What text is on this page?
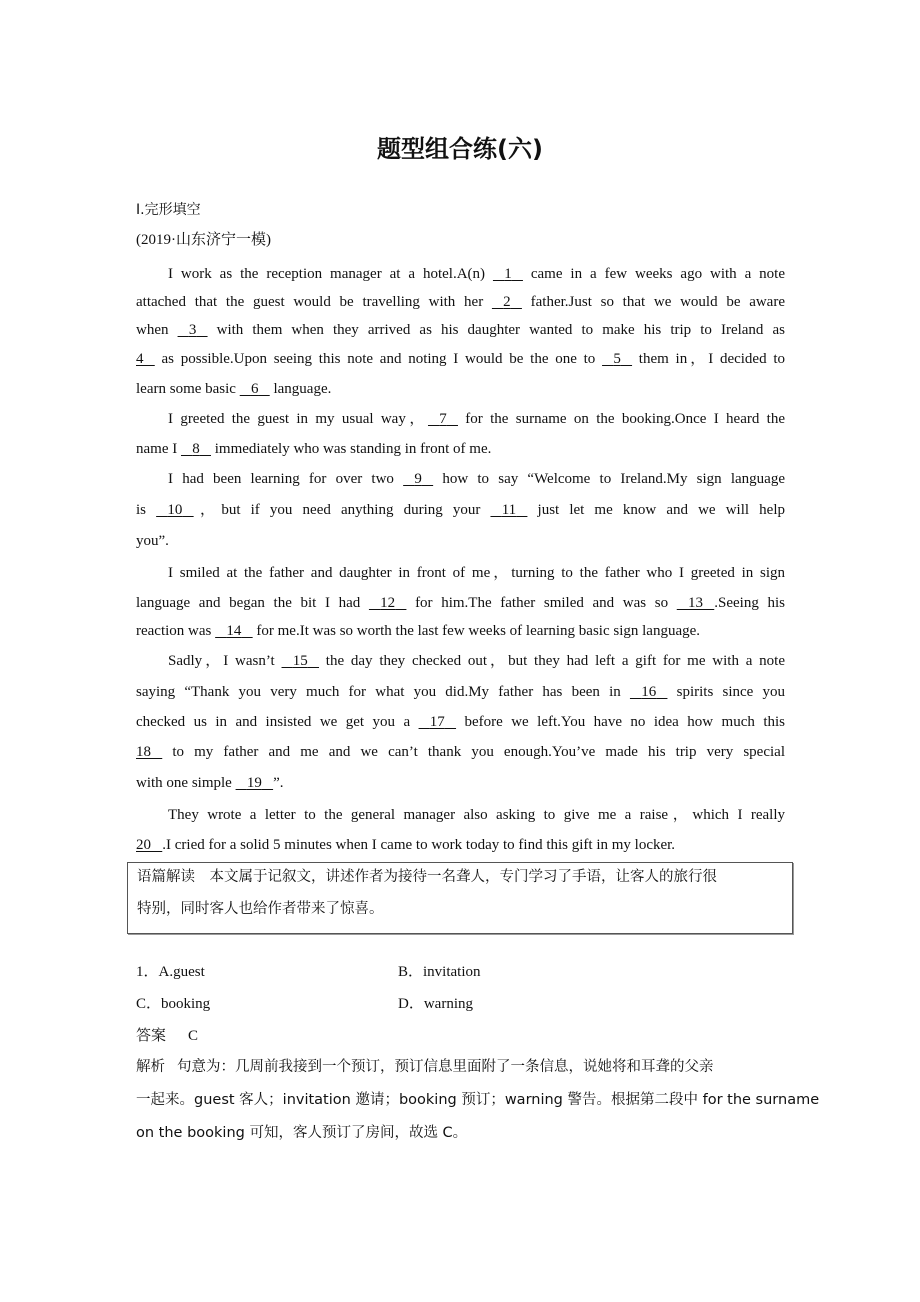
题型组合练(六)
Ⅰ.完形填空
(2019·山东济宁一模)
I work as the reception manager at a hotel.A(n)    1    came in a few weeks ago with a note
attached that the guest would be travelling with her    2    father.Just so that we would be aware
when    3    with them when they arrived as his daughter wanted to make his trip to Ireland as
4    as possible.Upon seeing this note and noting I would be the one to    5    them in，I decided to
learn some basic    6    language.
I greeted the guest in my usual way， 7    for the surname on the booking.Once I heard the
name I    8    immediately who was standing in front of me.
I had been learning for over two    9    how to say “Welcome to Ireland.My sign language
is    10 ，but if you need anything during your    11    just let me know and we will help
you”.
I smiled at the father and daughter in front of me，turning to the father who I greeted in sign
language and began the bit I had    12    for him.The father smiled and was so    13 .Seeing his
reaction was    14    for me.It was so worth the last few weeks of learning basic sign language.
Sadly，I wasn’t    15    the day they checked out，but they had left a gift for me with a note
saying “Thank you very much for what you did.My father has been in    16    spirits since you
checked us in and insisted we get you a    17    before we left.You have no idea how much this
18    to my father and me and we can’t thank you enough.You’ve made his trip very special
with one simple    19 ”.
They wrote a letter to the general manager also asking to give me a raise，which I really
20 .I cried for a solid 5 minutes when I came to work today to find this gift in my locker.
语篇解读　本文属于记叙文，讲述作者为接待一名聋人，专门学习了手语，让客人的旅行很
特别，同时客人也给作者带来了惊喜。
1．A.guest	B．invitation
C．booking	D．warning
答案 C
解析 句意为：几周前我接到一个预订，预订信息里面附了一条信息，说她将和耳聋的父亲
一起来。guest 客人；invitation 邀请；booking 预订；warning 警告。根据第二段中 for the surname
on the booking 可知，客人预订了房间，故选 C。
